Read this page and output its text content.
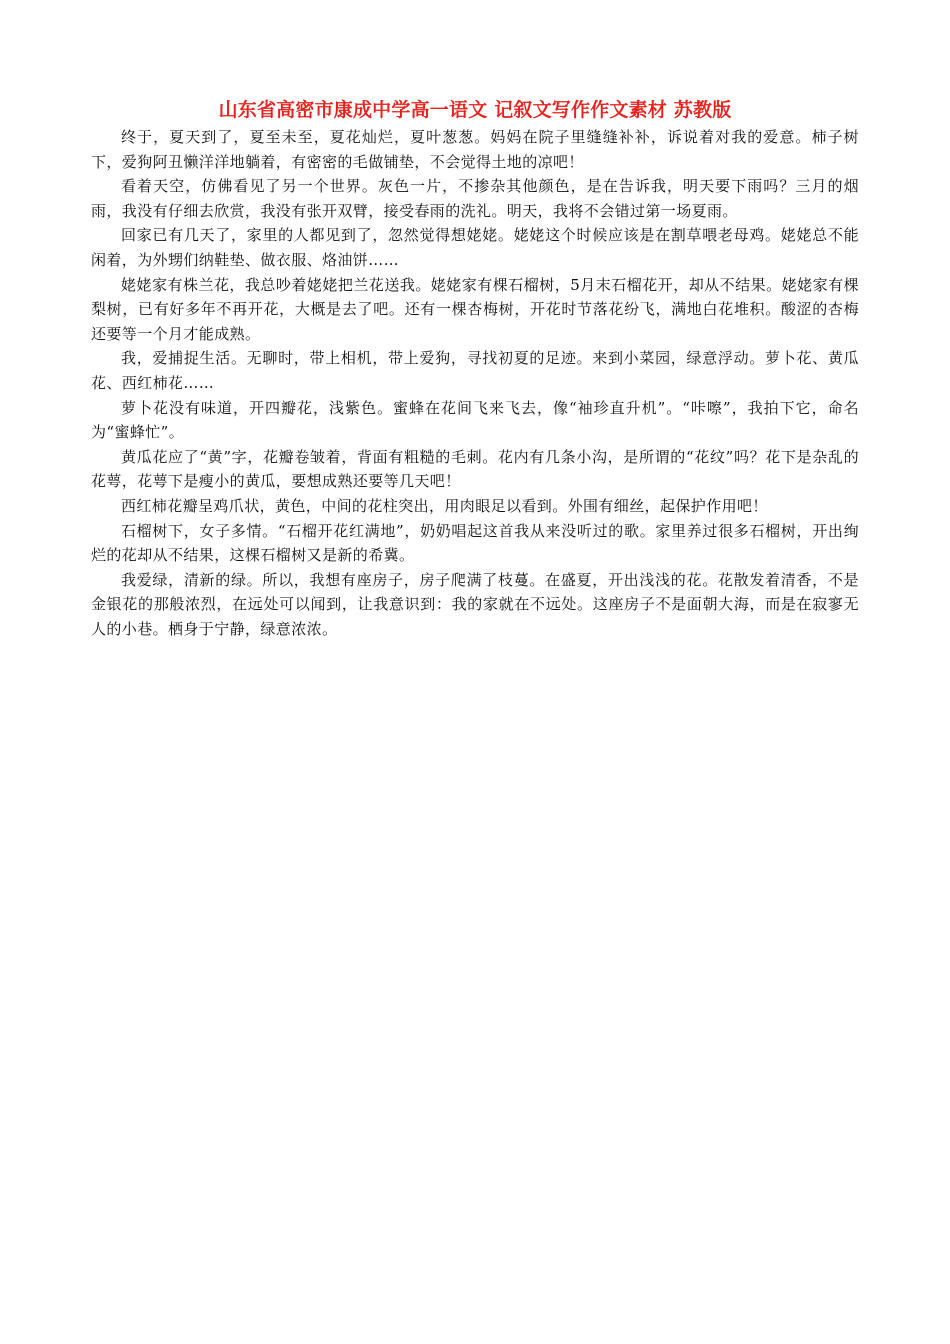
山东省高密市康成中学高一语文 记叙文写作作文素材 苏教版

终于，夏天到了，夏至未至，夏花灿烂，夏叶葱葱。妈妈在院子里缝缝补补，诉说着对我的爱意。柿子树下，爱狗阿丑懒洋洋地躺着，有密密的毛做铺垫，不会觉得土地的凉吧！

看着天空，仿佛看见了另一个世界。灰色一片，不掺杂其他颜色，是在告诉我，明天要下雨吗？三月的烟雨，我没有仔细去欣赏，我没有张开双臂，接受春雨的洗礼。明天，我将不会错过第一场夏雨。

回家已有几天了，家里的人都见到了，忽然觉得想姥姥。姥姥这个时候应该是在割草喂老母鸡。姥姥总不能闲着，为外甥们纳鞋垫、做衣服、烙油饼……

姥姥家有株兰花，我总吵着姥姥把兰花送我。姥姥家有棵石榴树，5月末石榴花开，却从不结果。姥姥家有棵梨树，已有好多年不再开花，大概是去了吧。还有一棵杏梅树，开花时节落花纷飞，满地白花堆积。酸涩的杏梅还要等一个月才能成熟。

我，爱捕捉生活。无聊时，带上相机，带上爱狗，寻找初夏的足迹。来到小菜园，绿意浮动。萝卜花、黄瓜花、西红柿花……

萝卜花没有味道，开四瓣花，浅紫色。蜜蜂在花间飞来飞去，像“袖珍直升机”。“咔嚓”，我拍下它，命名为“蜜蜂忙”。

黄瓜花应了“黄”字，花瓣卷皱着，背面有粗糙的毛刺。花内有几条小沟，是所谓的“花纹”吗？花下是杂乱的花萼，花萼下是瘦小的黄瓜，要想成熟还要等几天吧！

西红柿花瓣呈鸡爪状，黄色，中间的花柱突出，用肉眼足以看到。外围有细丝，起保护作用吧！

石榴树下，女子多情。“石榴开花红满地”，奶奶唱起这首我从来没听过的歌。家里养过很多石榴树，开出绚烂的花却从不结果，这棵石榴树又是新的希冀。

我爱绿，清新的绿。所以，我想有座房子，房子爬满了枝蔓。在盛夏，开出浅浅的花。花散发着清香，不是金银花的那般浓烈，在远处可以闻到，让我意识到：我的家就在不远处。这座房子不是面朝大海，而是在寂寥无人的小巷。栖身于宁静，绿意浓浓。
